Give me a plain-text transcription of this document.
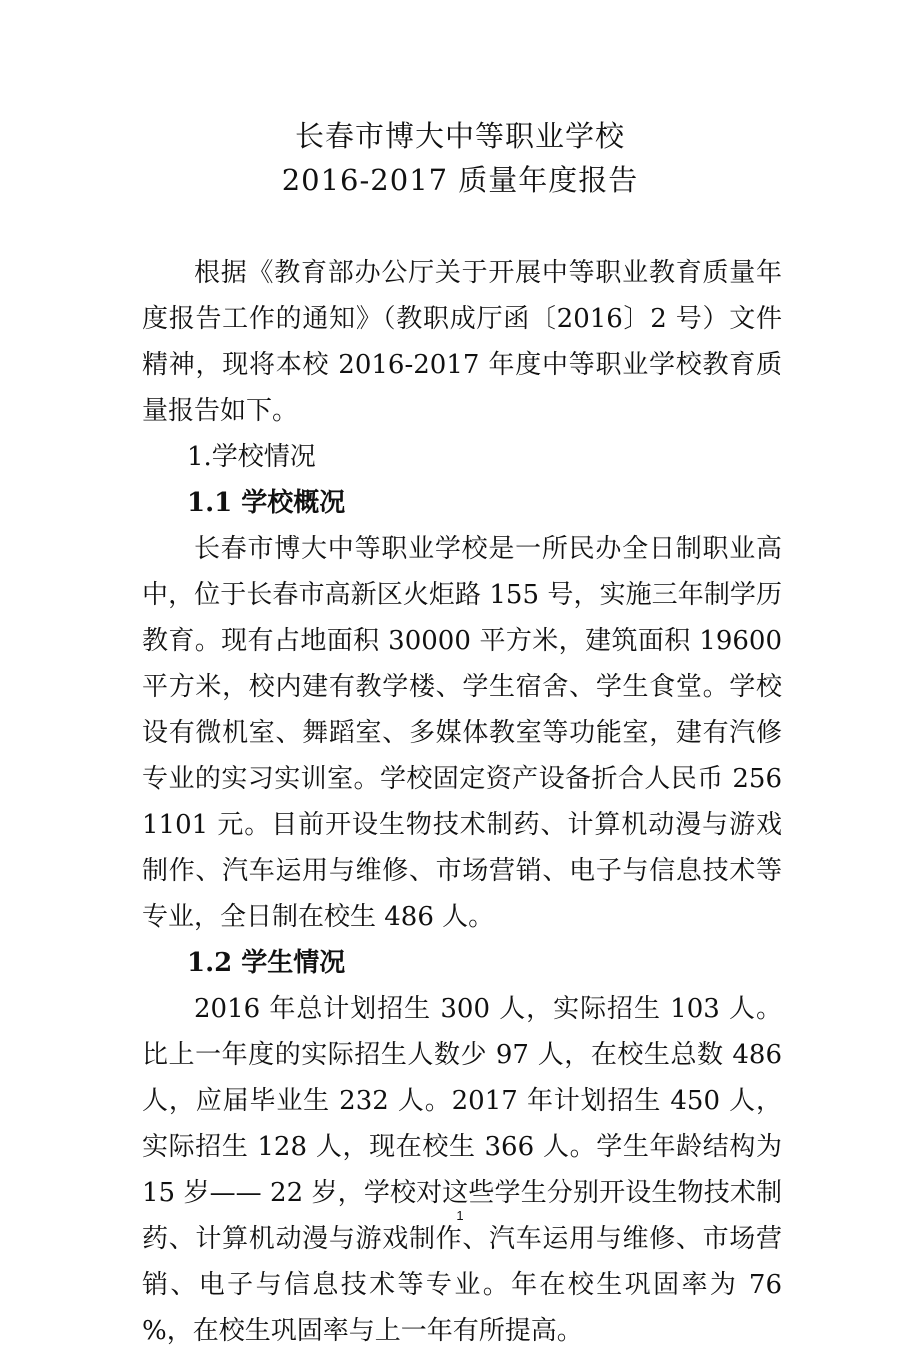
长春市博大中等职业学校
2016-2017 质量年度报告

根据《教育部办公厅关于开展中等职业教育质量年度报告工作的通知》（教职成厅函〔2016〕2 号）文件精神，现将本校 2016-2017 年度中等职业学校教育质量报告如下。

1.学校情况

1.1 学校概况

长春市博大中等职业学校是一所民办全日制职业高中，位于长春市高新区火炬路 155 号，实施三年制学历教育。现有占地面积 30000 平方米，建筑面积 19600 平方米，校内建有教学楼、学生宿舍、学生食堂。学校设有微机室、舞蹈室、多媒体教室等功能室，建有汽修专业的实习实训室。学校固定资产设备折合人民币 2561101 元。目前开设生物技术制药、计算机动漫与游戏制作、汽车运用与维修、市场营销、电子与信息技术等专业，全日制在校生 486 人。

1.2 学生情况

2016 年总计划招生 300 人，实际招生 103 人。比上一年度的实际招生人数少 97 人，在校生总数 486 人，应届毕业生 232 人。2017 年计划招生 450 人，实际招生 128 人，现在校生 366 人。学生年龄结构为 15 岁—— 22 岁，学校对这些学生分别开设生物技术制药、计算机动漫与游戏制作、汽车运用与维修、市场营销、电子与信息技术等专业。年在校生巩固率为 76 %，在校生巩固率与上一年有所提高。

1
